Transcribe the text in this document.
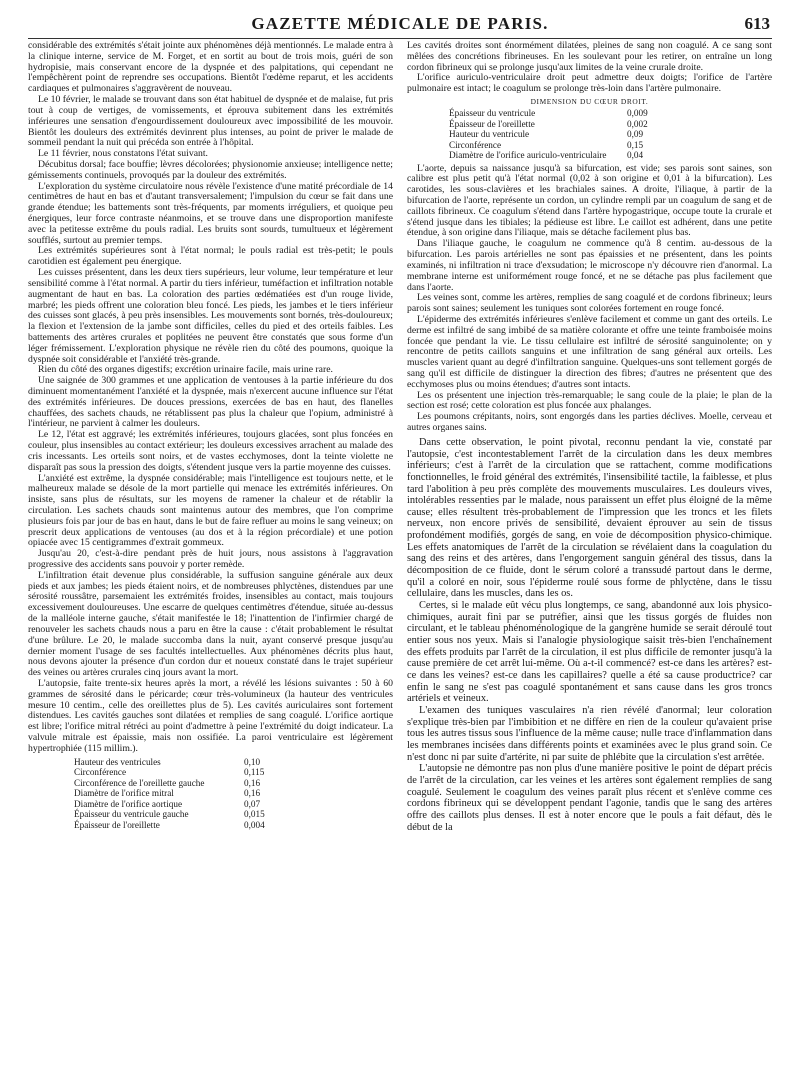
GAZETTE MÉDICALE DE PARIS.	613

considérable des extrémités s'était jointe aux phénomènes déjà mentionnés. Le malade entra à la clinique interne, service de M. Forget, et en sortit au bout de trois mois, guéri de son hydropisie, mais conservant encore de la dyspnée et des palpitations, qui cependant ne l'empêchèrent point de reprendre ses occupations. Bientôt l'œdème reparut, et les accidents cardiaques et pulmonaires s'aggravèrent de nouveau.

Le 10 février, le malade se trouvant dans son état habituel de dyspnée et de malaise, fut pris tout à coup de vertiges, de vomissements, et éprouva subitement dans les extrémités inférieures une sensation d'engourdissement douloureux avec impossibilité de les mouvoir. Bientôt les douleurs des extrémités devinrent plus intenses, au point de priver le malade de sommeil pendant la nuit qui précéda son entrée à l'hôpital.

Le 11 février, nous constatons l'état suivant.

Décubitus dorsal; face bouffie; lèvres décolorées; physionomie anxieuse; intelligence nette; gémissements continuels, provoqués par la douleur des extrémités.

L'exploration du système circulatoire nous révèle l'existence d'une matité précordiale de 14 centimètres de haut en bas et d'autant transversalement; l'impulsion du cœur se fait dans une grande étendue; les battements sont très-fréquents, par moments irréguliers, et quoique peu énergiques, leur force contraste néanmoins, et se trouve dans une disproportion manifeste avec la petitesse extrême du pouls radial. Les bruits sont sourds, tumultueux et légèrement soufflés, surtout au premier temps.

Les extrémités supérieures sont à l'état normal; le pouls radial est très-petit; le pouls carotidien est également peu énergique.

Les cuisses présentent, dans les deux tiers supérieurs, leur volume, leur température et leur sensibilité comme à l'état normal. A partir du tiers inférieur, tuméfaction et infiltration notable augmentant de haut en bas. La coloration des parties œdématiées est d'un rouge livide, marbré; les pieds offrent une coloration bleu foncé. Les pieds, les jambes et le tiers inférieur des cuisses sont glacés, à peu près insensibles. Les mouvements sont bornés, très-douloureux; la flexion et l'extension de la jambe sont difficiles, celles du pied et des orteils faibles. Les battements des artères crurales et poplitées ne peuvent être constatés que sous forme d'un léger frémissement. L'exploration physique ne révèle rien du côté des poumons, quoique la dyspnée soit considérable et l'anxiété très-grande.

Rien du côté des organes digestifs; excrétion urinaire facile, mais urine rare.

Une saignée de 300 grammes et une application de ventouses à la partie inférieure du dos diminuent momentanément l'anxiété et la dyspnée, mais n'exercent aucune influence sur l'état des extrémités inférieures. De douces pressions, exercées de bas en haut, des flanelles chauffées, des sachets chauds, ne rétablissent pas plus la chaleur que l'opium, administré à l'intérieur, ne parvient à calmer les douleurs.

Le 12, l'état est aggravé; les extrémités inférieures, toujours glacées, sont plus foncées en couleur, plus insensibles au contact extérieur; les douleurs excessives arrachent au malade des cris incessants. Les orteils sont noirs, et de vastes ecchymoses, dont la teinte violette ne disparaît pas sous la pression des doigts, s'étendent jusque vers la partie moyenne des cuisses.

L'anxiété est extrême, la dyspnée considérable; mais l'intelligence est toujours nette, et le malheureux malade se désole de la mort partielle qui menace les extrémités inférieures. On insiste, sans plus de résultats, sur les moyens de ramener la chaleur et de rétablir la circulation. Les sachets chauds sont maintenus autour des membres, que l'on comprime plusieurs fois par jour de bas en haut, dans le but de faire refluer au moins le sang veineux; on prescrit deux applications de ventouses (au dos et à la région précordiale) et une potion opiacée avec 15 centigrammes d'extrait gommeux.

Jusqu'au 20, c'est-à-dire pendant près de huit jours, nous assistons à l'aggravation progressive des accidents sans pouvoir y porter remède.

L'infiltration était devenue plus considérable, la suffusion sanguine générale aux deux pieds et aux jambes; les pieds étaient noirs, et de nombreuses phlyctènes, distendues par une sérosité roussâtre, parsemaient les extrémités froides, insensibles au contact, mais toujours excessivement douloureuses. Une escarre de quelques centimètres d'étendue, située au-dessus de la malléole interne gauche, s'était manifestée le 18; l'inattention de l'infirmier chargé de renouveler les sachets chauds nous a paru en être la cause : c'était probablement le résultat d'une brûlure. Le 20, le malade succomba dans la nuit, ayant conservé presque jusqu'au dernier moment l'usage de ses facultés intellectuelles. Aux phénomènes décrits plus haut, nous devons ajouter la présence d'un cordon dur et noueux constaté dans le trajet supérieur des veines ou artères crurales cinq jours avant la mort.

L'autopsie, faite trente-six heures après la mort, a révélé les lésions suivantes : 50 à 60 grammes de sérosité dans le péricarde; cœur très-volumineux (la hauteur des ventricules mesure 10 centim., celle des oreillettes plus de 5). Les cavités auriculaires sont fortement distendues. Les cavités gauches sont dilatées et remplies de sang coagulé. L'orifice aortique est libre; l'orifice mitral rétréci au point d'admettre à peine l'extrémité du doigt indicateur. La valvule mitrale est épaissie, mais non ossifiée. La paroi ventriculaire est légèrement hypertrophiée (115 millim.).

Hauteur des ventricules	0,10
Circonférence	0,115
Circonférence de l'oreillette gauche	0,16
Diamètre de l'orifice mitral	0,16
Diamètre de l'orifice aortique	0,07
Épaisseur du ventricule gauche	0,015
Épaisseur de l'oreillette	0,004

Les cavités droites sont énormément dilatées, pleines de sang non coagulé. A ce sang sont mêlées des concrétions fibrineuses. En les soulevant pour les retirer, on entraîne un long cordon fibrineux qui se prolonge jusqu'aux limites de la veine crurale droite.

L'orifice auriculo-ventriculaire droit peut admettre deux doigts; l'orifice de l'artère pulmonaire est intact; le coagulum se prolonge très-loin dans l'artère pulmonaire.

DIMENSION DU CŒUR DROIT.
Épaisseur du ventricule	0,009
Épaisseur de l'oreillette	0,002
Hauteur du ventricule	0,09
Circonférence	0,15
Diamètre de l'orifice auriculo-ventriculaire	0,04

L'aorte, depuis sa naissance jusqu'à sa bifurcation, est vide; ses parois sont saines, son calibre est plus petit qu'à l'état normal (0,02 à son origine et 0,01 à la bifurcation). Les carotides, les sous-clavières et les brachiales saines. A droite, l'iliaque, à partir de la bifurcation de l'aorte, représente un cordon, un cylindre rempli par un coagulum de sang et de caillots fibrineux. Ce coagulum s'étend dans l'artère hypogastrique, occupe toute la crurale et s'étend jusque dans les tibiales; la pédieuse est libre. Le caillot est adhérent, dans une petite étendue, à son origine dans l'iliaque, mais se détache facilement plus bas.

Dans l'iliaque gauche, le coagulum ne commence qu'à 8 centim. au-dessous de la bifurcation. Les parois artérielles ne sont pas épaissies et ne présentent, dans les points examinés, ni infiltration ni trace d'exsudation; le microscope n'y découvre rien d'anormal. La membrane interne est uniformément rouge foncé, et ne se détache pas plus facilement que dans l'aorte.

Les veines sont, comme les artères, remplies de sang coagulé et de cordons fibrineux; leurs parois sont saines; seulement les tuniques sont colorées fortement en rouge foncé.

L'épiderme des extrémités inférieures s'enlève facilement et comme un gant des orteils. Le derme est infiltré de sang imbibé de sa matière colorante et offre une teinte framboisée moins foncée que pendant la vie. Le tissu cellulaire est infiltré de sérosité sanguinolente; on y rencontre de petits caillots sanguins et une infiltration de sang général aux orteils. Les muscles varient quant au degré d'infiltration sanguine. Quelques-uns sont tellement gorgés de sang qu'il est difficile de distinguer la direction des fibres; d'autres ne présentent que des ecchymoses plus ou moins étendues; d'autres sont intacts.

Les os présentent une injection très-remarquable; le sang coule de la plaie; le plan de la section est rosé; cette coloration est plus foncée aux phalanges.

Les poumons crépitants, noirs, sont engorgés dans les parties déclives. Moelle, cerveau et autres organes sains.

Dans cette observation, le point pivotal, reconnu pendant la vie, constaté par l'autopsie, c'est incontestablement l'arrêt de la circulation dans les deux membres inférieurs; c'est à l'arrêt de la circulation que se rattachent, comme modifications fonctionnelles, le froid général des extrémités, l'insensibilité tactile, la faiblesse, et plus tard l'abolition à peu près complète des mouvements musculaires. Les douleurs vives, intolérables ressenties par le malade, nous paraissent un effet plus éloigné de la même cause; elles résultent très-probablement de l'impression que les troncs et les filets nerveux, non encore privés de sensibilité, devaient éprouver au sein de tissus profondément modifiés, gorgés de sang, en voie de décomposition physico-chimique. Les effets anatomiques de l'arrêt de la circulation se révélaient dans la coagulation du sang des reins et des artères, dans l'engorgement sanguin général des tissus, dans la décomposition de ce fluide, dont le sérum coloré a transsudé partout dans le derme, qu'il a coloré en noir, sous l'épiderme roulé sous forme de phlyctène, dans le tissu cellulaire, dans les muscles, dans les os.

Certes, si le malade eût vécu plus longtemps, ce sang, abandonné aux lois physico-chimiques, aurait fini par se putréfier, ainsi que les tissus gorgés de fluides non circulant, et le tableau phénoménologique de la gangrène humide se serait déroulé tout entier sous nos yeux. Mais si l'analogie physiologique saisit très-bien l'enchaînement des effets produits par l'arrêt de la circulation, il est plus difficile de remonter jusqu'à la cause première de cet arrêt lui-même. Où a-t-il commencé? est-ce dans les artères? est-ce dans les veines? est-ce dans les capillaires? quelle a été sa cause productrice? car enfin le sang ne s'est pas coagulé spontanément et sans cause dans les gros troncs artériels et veineux.

L'examen des tuniques vasculaires n'a rien révélé d'anormal; leur coloration s'explique très-bien par l'imbibition et ne diffère en rien de la couleur qu'avaient prise tous les autres tissus sous l'influence de la même cause; nulle trace d'inflammation dans les membranes incisées dans différents points et examinées avec le plus grand soin. Ce n'est donc ni par suite d'artérite, ni par suite de phlébite que la circulation s'est arrêtée.

L'autopsie ne démontre pas non plus d'une manière positive le point de départ précis de l'arrêt de la circulation, car les veines et les artères sont également remplies de sang coagulé. Seulement le coagulum des veines paraît plus récent et s'enlève comme ces cordons fibrineux qui se développent pendant l'agonie, tandis que le sang des artères offre des caillots plus denses. Il est à noter encore que le pouls a fait défaut, dès le début de la
